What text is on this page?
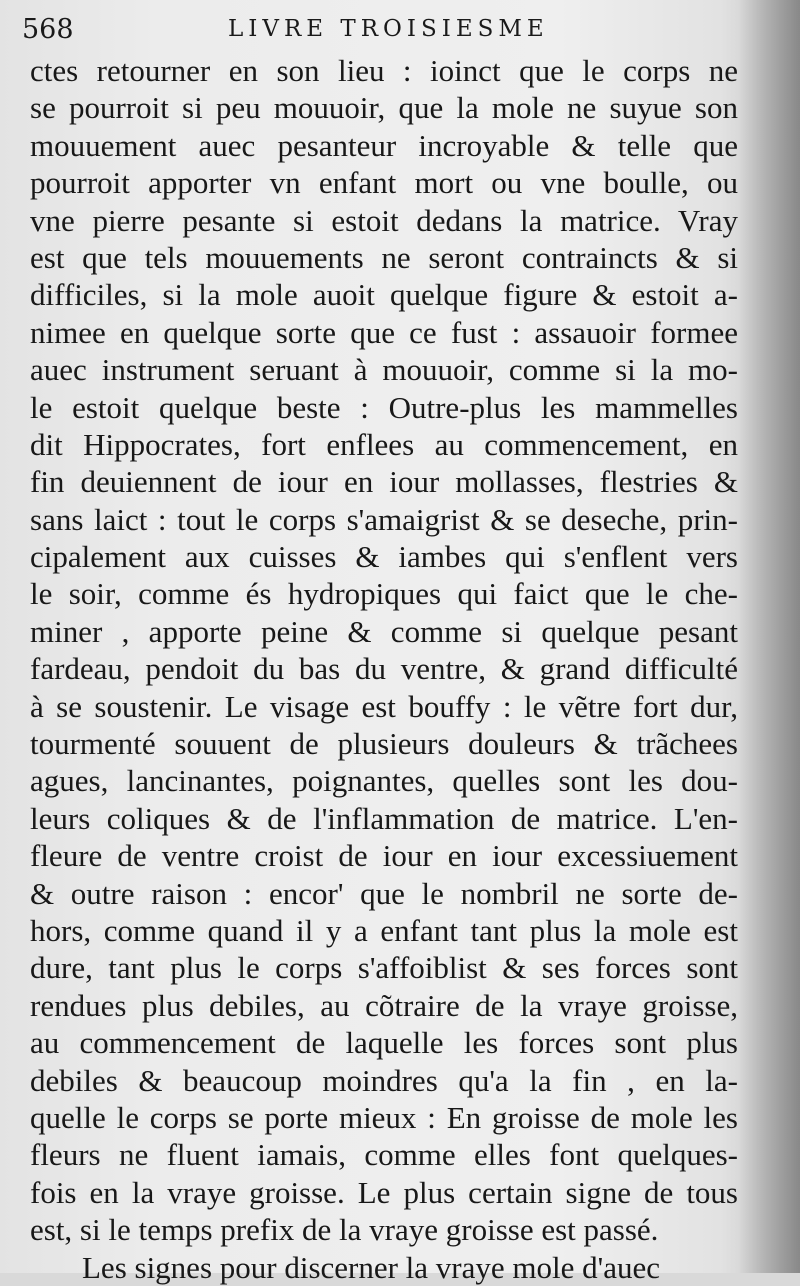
568	LIVRE TROISIESME
ctes retourner en son lieu : ioinct que le corps ne
se pourroit si peu mouuoir, que la mole ne suyue son
mouuement auec pesanteur incroyable & telle que
pourroit apporter vn enfant mort ou vne boulle, ou
vne pierre pesante si estoit dedans la matrice. Vray
est que tels mouuements ne seront contraincts & si
difficiles, si la mole auoit quelque figure & estoit a-
nimee en quelque sorte que ce fust : assauoir formee
auec instrument seruant à mouuoir, comme si la mo-
le estoit quelque beste : Outre-plus les mammelles
dit Hippocrates, fort enflees au commencement, en
fin deuiennent de iour en iour mollasses, flestries &
sans laict : tout le corps s'amaigrist & se deseche, prin-
cipalement aux cuisses & iambes qui s'enflent vers
le soir, comme és hydropiques qui faict que le che-
miner , apporte peine & comme si quelque pesant
fardeau, pendoit du bas du ventre, & grand difficulté
à se soustenir. Le visage est bouffy : le vẽtre fort dur,
tourmenté souuent de plusieurs douleurs & trãchees
agues, lancinantes, poignantes, quelles sont les dou-
leurs coliques & de l'inflammation de matrice. L'en-
fleure de ventre croist de iour en iour excessiuement
& outre raison : encor' que le nombril ne sorte de-
hors, comme quand il y a enfant tant plus la mole est
dure, tant plus le corps s'affoiblist & ses forces sont
rendues plus debiles, au cõtraire de la vraye groisse,
au commencement de laquelle les forces sont plus
debiles & beaucoup moindres qu'a la fin , en la-
quelle le corps se porte mieux : En groisse de mole les
fleurs ne fluent iamais, comme elles font quelques-
fois en la vraye groisse. Le plus certain signe de tous
est, si le temps prefix de la vraye groisse est passé.
Les signes pour discerner la vraye mole d'auec
